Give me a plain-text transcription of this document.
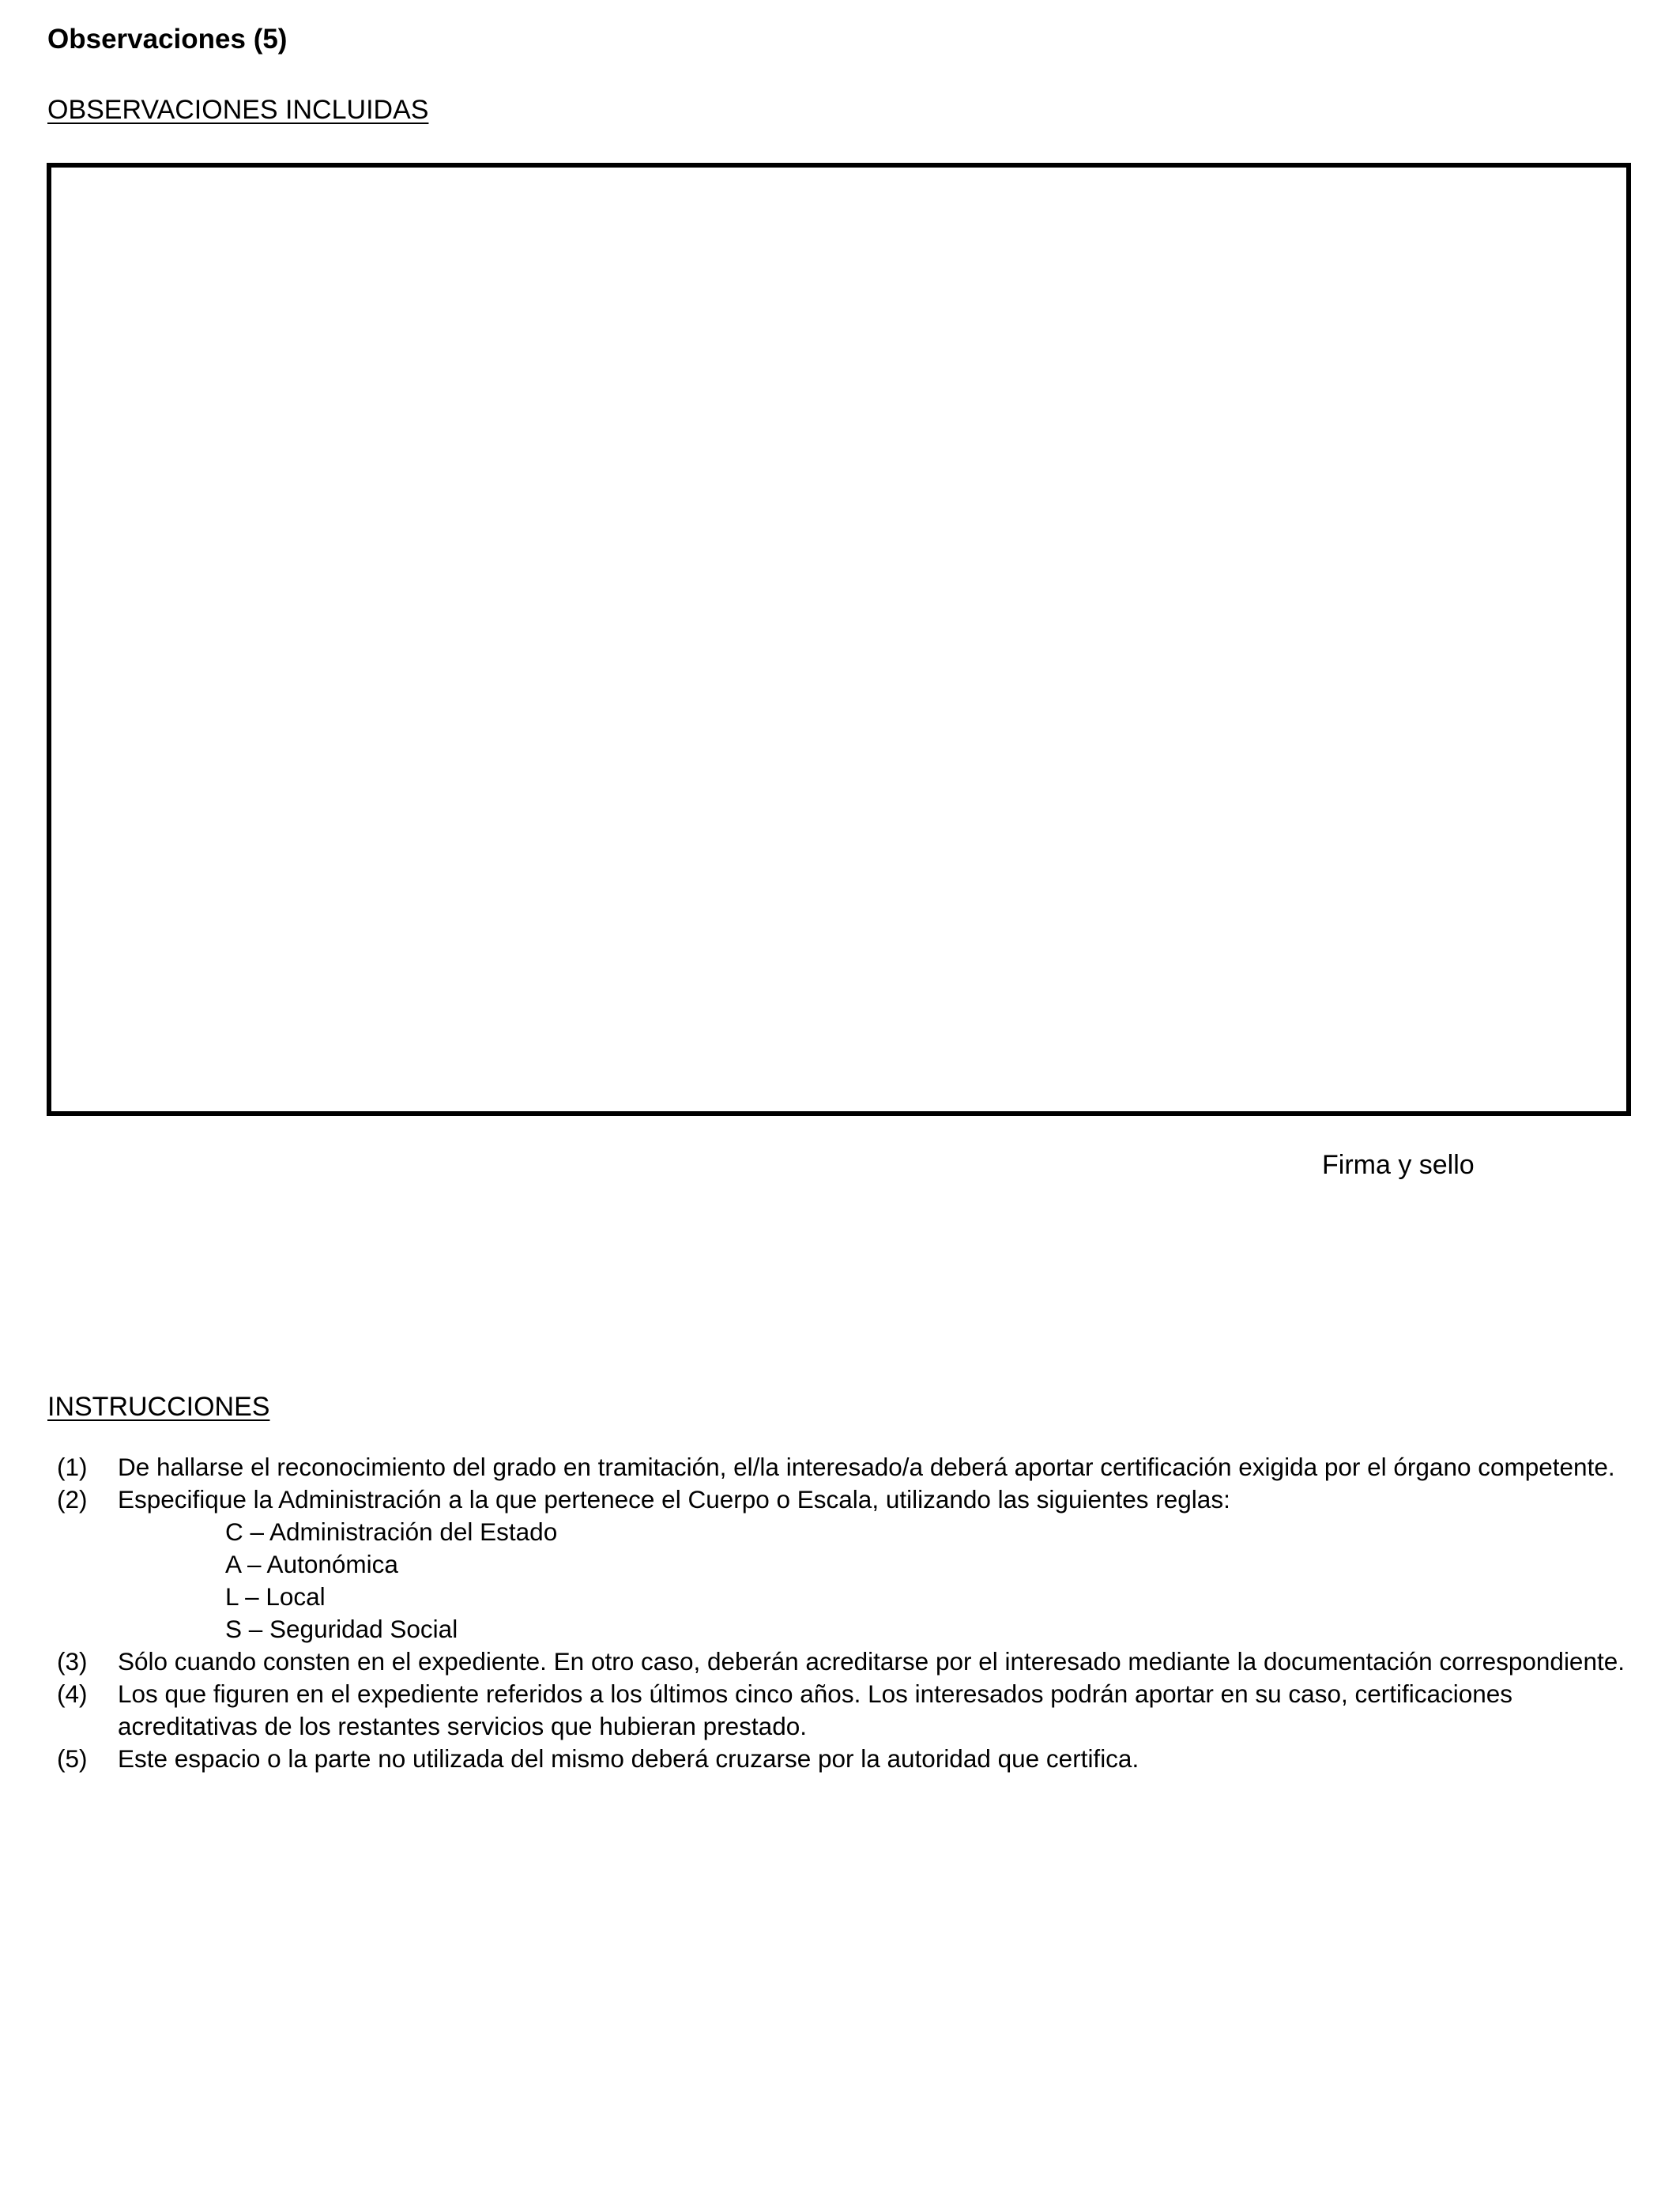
Observaciones (5)
OBSERVACIONES INCLUIDAS

Firma y sello

INSTRUCCIONES
(1)	De hallarse el reconocimiento del grado en tramitación, el/la interesado/a deberá aportar certificación exigida por el órgano competente.
(2)	Especifique la Administración a la que pertenece el Cuerpo o Escala, utilizando las siguientes reglas:
C – Administración del Estado
A – Autonómica
L – Local
S – Seguridad Social
(3)	Sólo cuando consten en el expediente. En otro caso, deberán acreditarse por el interesado mediante la documentación correspondiente.
(4)	Los que figuren en el expediente referidos a los últimos cinco años. Los interesados podrán aportar en su caso, certificaciones acreditativas de los restantes servicios que hubieran prestado.
(5)	Este espacio o la parte no utilizada del mismo deberá cruzarse por la autoridad que certifica.
